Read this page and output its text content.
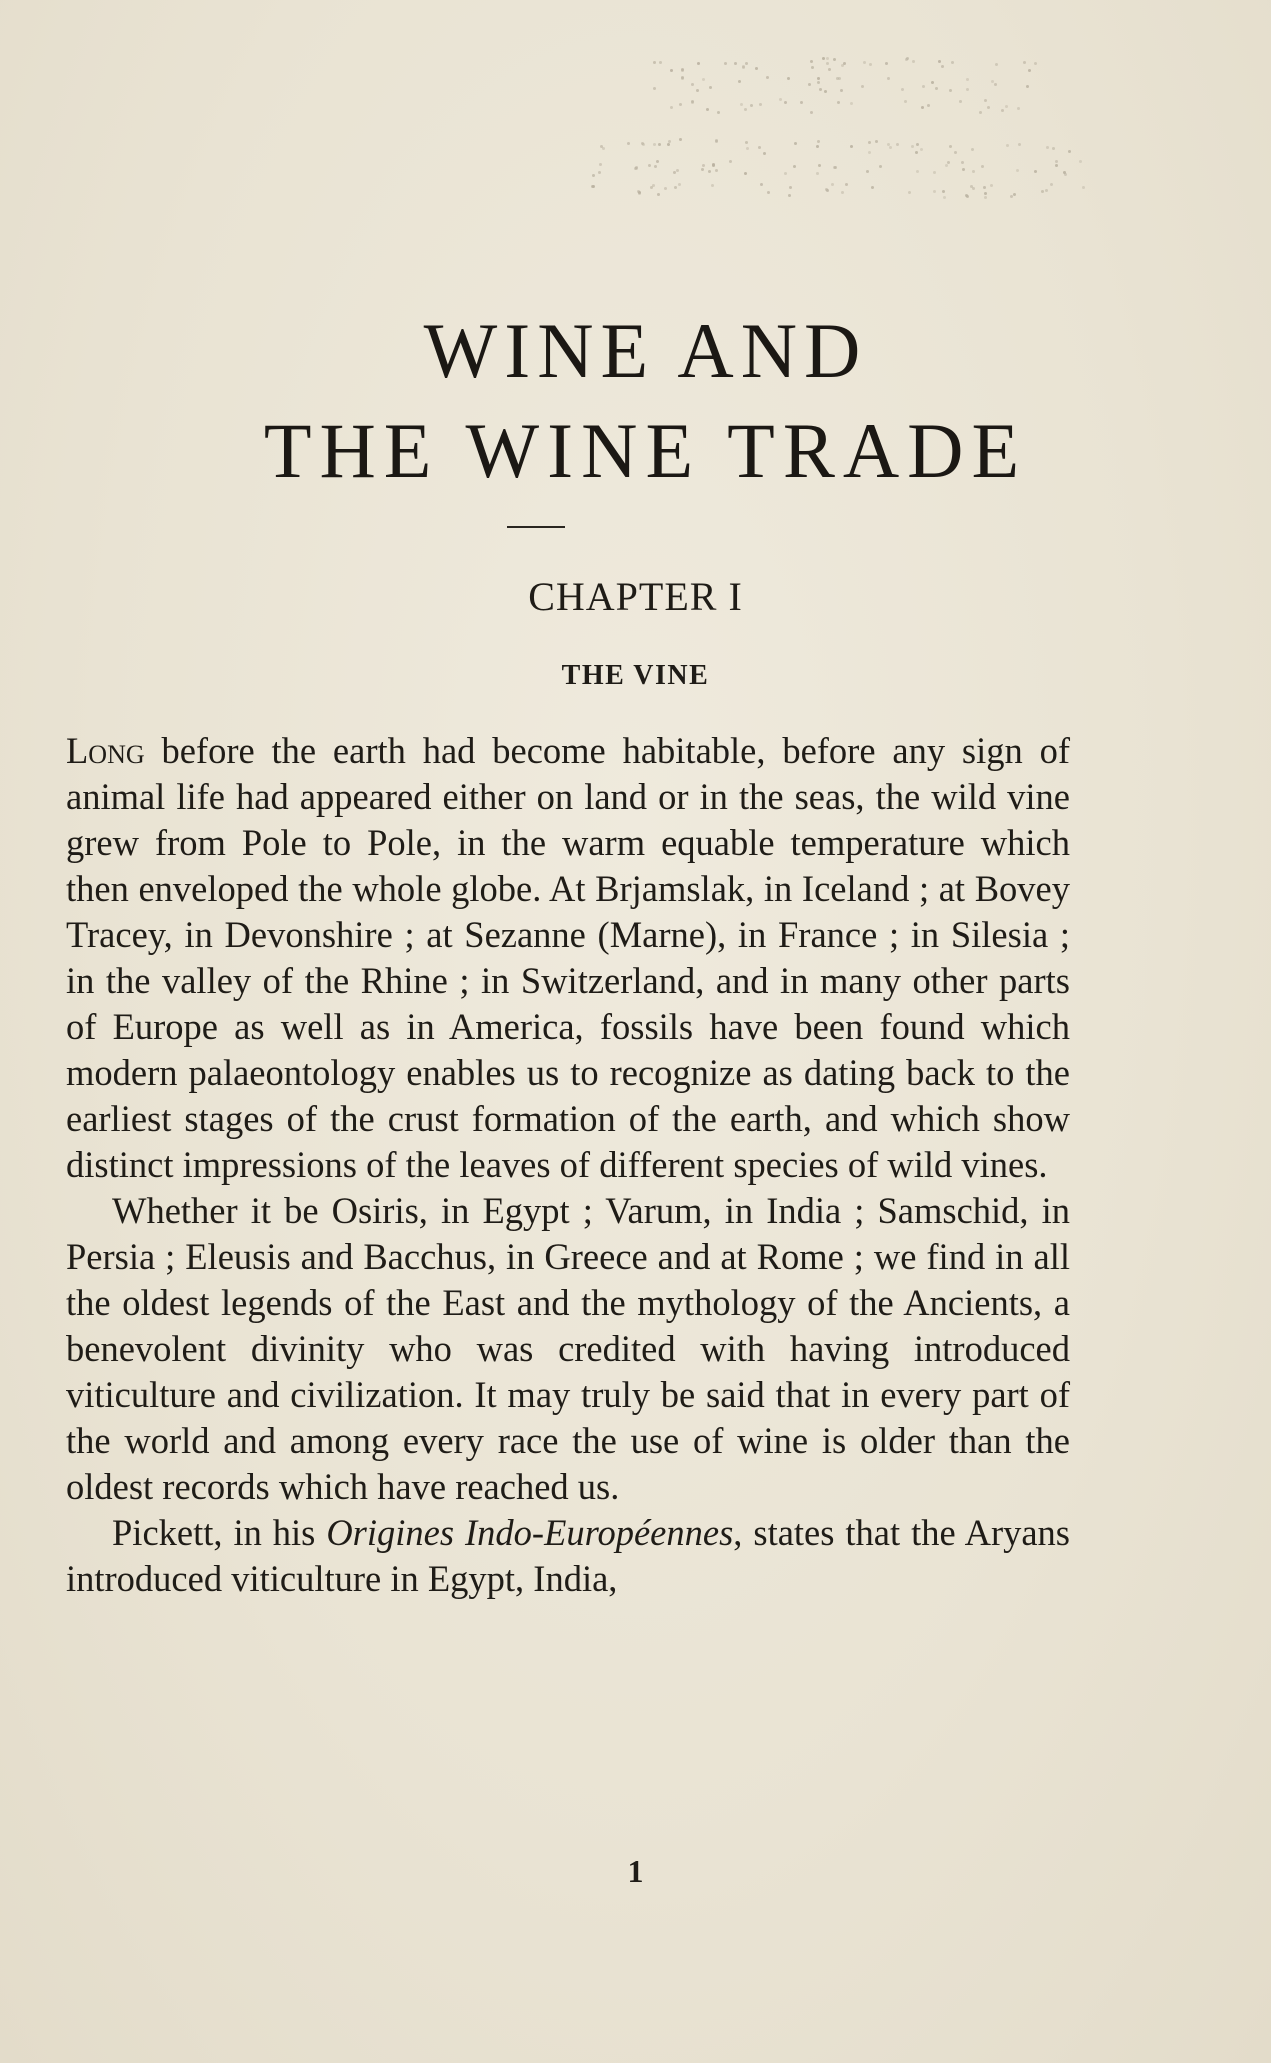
WINE AND
THE WINE TRADE
CHAPTER I
THE VINE

Long before the earth had become habitable, before any sign of animal life had appeared either on land or in the seas, the wild vine grew from Pole to Pole, in the warm equable temperature which then enveloped the whole globe. At Brjamslak, in Iceland ; at Bovey Tracey, in Devonshire ; at Sezanne (Marne), in France ; in Silesia ; in the valley of the Rhine ; in Switzerland, and in many other parts of Europe as well as in America, fossils have been found which modern palaeontology enables us to recognize as dating back to the earliest stages of the crust formation of the earth, and which show distinct impressions of the leaves of different species of wild vines.

Whether it be Osiris, in Egypt ; Varum, in India ; Samschid, in Persia ; Eleusis and Bacchus, in Greece and at Rome ; we find in all the oldest legends of the East and the mythology of the Ancients, a benevolent divinity who was credited with having introduced viticulture and civilization. It may truly be said that in every part of the world and among every race the use of wine is older than the oldest records which have reached us.

Pickett, in his Origines Indo-Européennes, states that the Aryans introduced viticulture in Egypt, India,

1
